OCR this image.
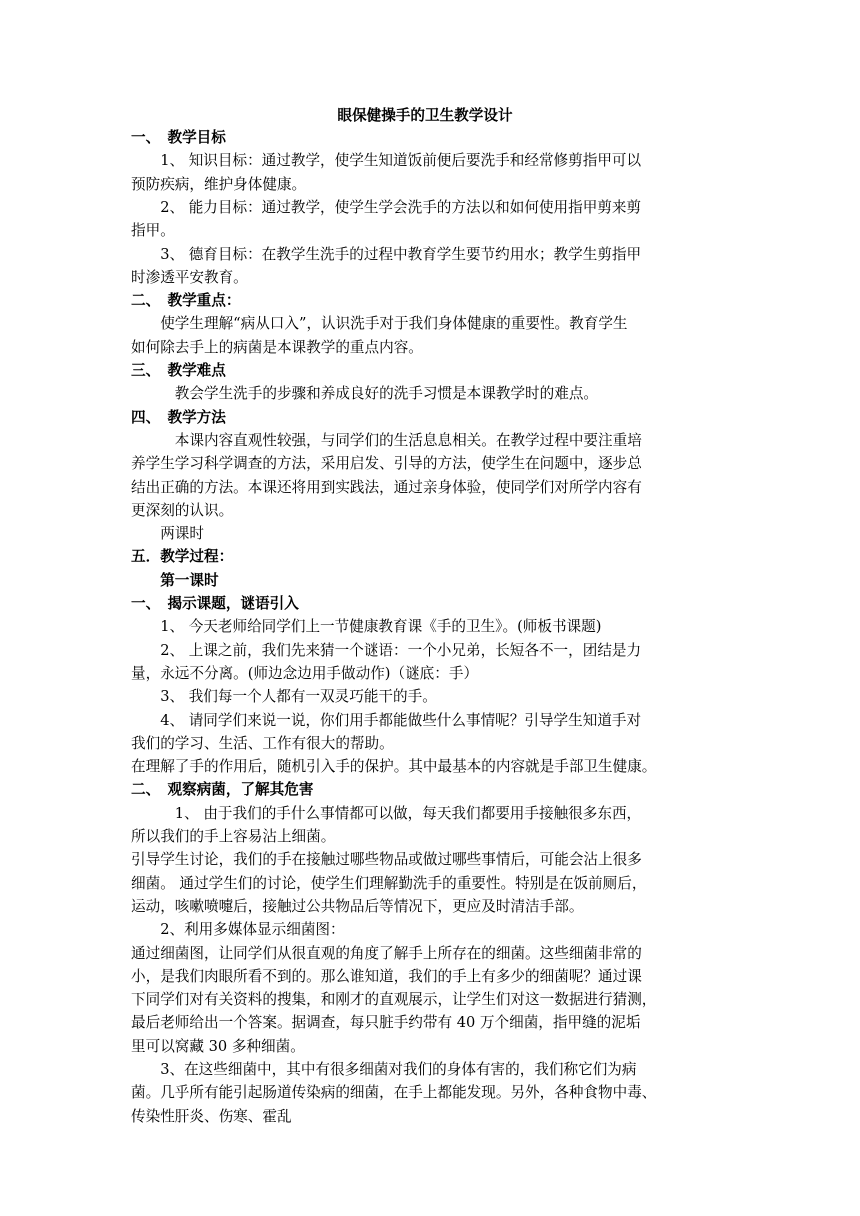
眼保健操手的卫生教学设计
一、　教学目标
1、 知识目标：通过教学，使学生知道饭前便后要洗手和经常修剪指甲可以
预防疾病，维护身体健康。
2、 能力目标：通过教学，使学生学会洗手的方法以和如何使用指甲剪来剪
指甲。
3、 德育目标：在教学生洗手的过程中教育学生要节约用水；教学生剪指甲
时渗透平安教育。
二、　教学重点：
使学生理解“病从口入”，认识洗手对于我们身体健康的重要性。教育学生
如何除去手上的病菌是本课教学的重点内容。
三、　教学难点
教会学生洗手的步骤和养成良好的洗手习惯是本课教学时的难点。
四、　教学方法
本课内容直观性较强，与同学们的生活息息相关。在教学过程中要注重培
养学生学习科学调查的方法，采用启发、引导的方法，使学生在问题中，逐步总
结出正确的方法。本课还将用到实践法，通过亲身体验，使同学们对所学内容有
更深刻的认识。
两课时
五．教学过程：
第一课时
一、　揭示课题，谜语引入
1、 今天老师给同学们上一节健康教育课《手的卫生》。(师板书课题)
2、 上课之前，我们先来猜一个谜语：一个小兄弟，长短各不一，团结是力
量，永远不分离。(师边念边用手做动作)（谜底：手）
3、 我们每一个人都有一双灵巧能干的手。
4、 请同学们来说一说，你们用手都能做些什么事情呢？引导学生知道手对
我们的学习、生活、工作有很大的帮助。
在理解了手的作用后，随机引入手的保护。其中最基本的内容就是手部卫生健康。
二、　观察病菌，了解其危害
1、 由于我们的手什么事情都可以做，每天我们都要用手接触很多东西，
所以我们的手上容易沾上细菌。
引导学生讨论，我们的手在接触过哪些物品或做过哪些事情后，可能会沾上很多
细菌。 通过学生们的讨论，使学生们理解勤洗手的重要性。特别是在饭前厕后，
运动，咳嗽喷嚏后，接触过公共物品后等情况下，更应及时清洁手部。
2、利用多媒体显示细菌图：
通过细菌图，让同学们从很直观的角度了解手上所存在的细菌。这些细菌非常的
小，是我们肉眼所看不到的。那么谁知道，我们的手上有多少的细菌呢？通过课
下同学们对有关资料的搜集，和刚才的直观展示，让学生们对这一数据进行猜测，
最后老师给出一个答案。据调查，每只脏手约带有 40 万个细菌，指甲缝的泥垢
里可以窝藏 30 多种细菌。
3、在这些细菌中，其中有很多细菌对我们的身体有害的，我们称它们为病
菌。几乎所有能引起肠道传染病的细菌，在手上都能发现。另外，各种食物中毒、
传染性肝炎、伤寒、霍乱
